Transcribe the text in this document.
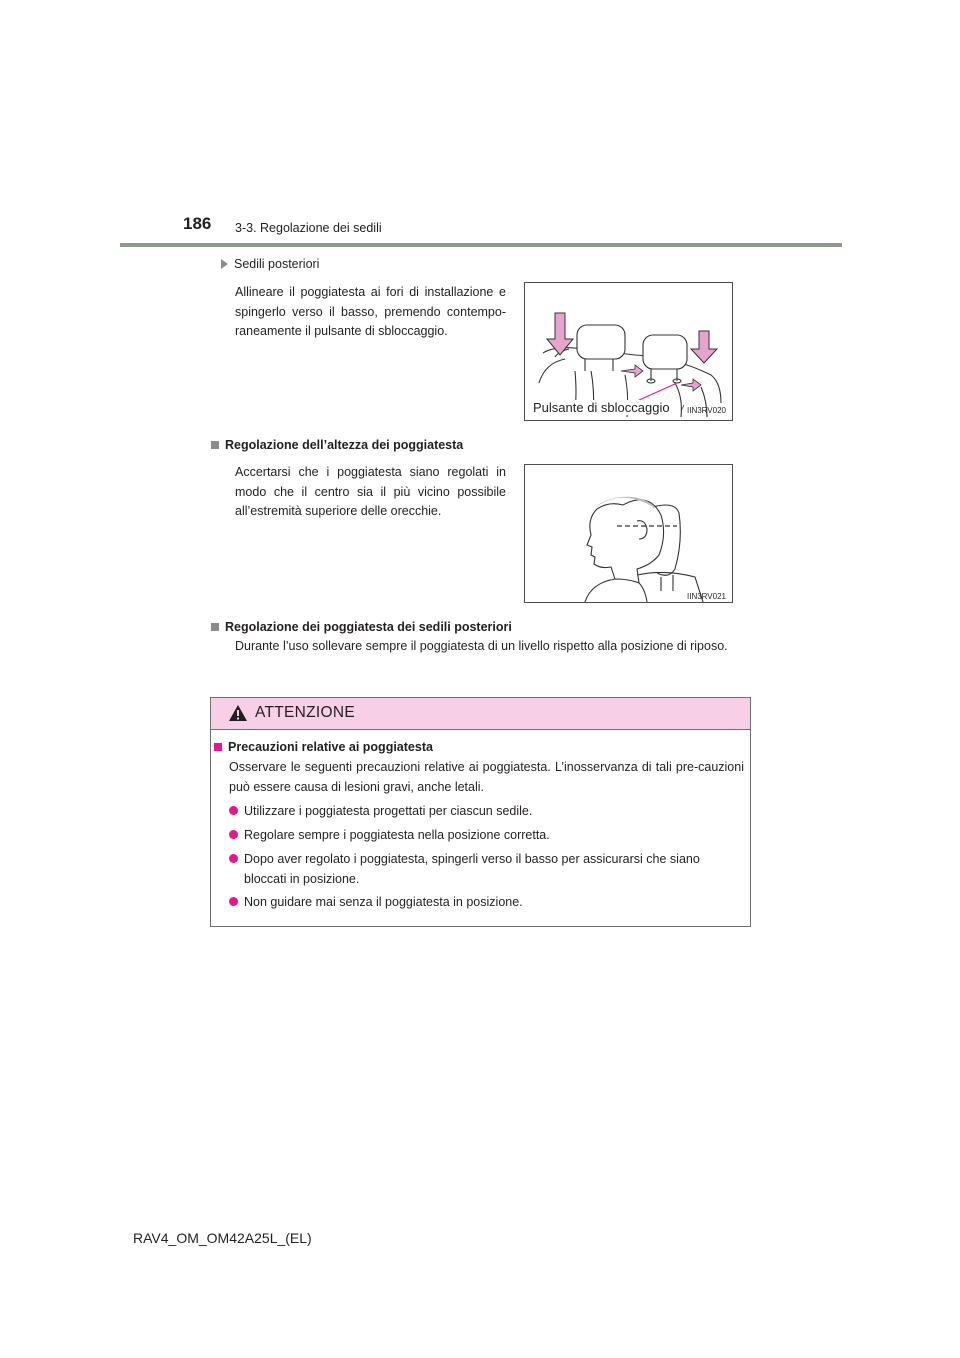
186 3-3. Regolazione dei sedili
Sedili posteriori
Allineare il poggiatesta ai fori di installazione e spingerlo verso il basso, premendo contempo-raneamente il pulsante di sbloccaggio.
Pulsante di sbloccaggio IIN3RV020
Regolazione dell’altezza dei poggiatesta
Accertarsi che i poggiatesta siano regolati in modo che il centro sia il più vicino possibile all’estremità superiore delle orecchie.
IIN3RV021
Regolazione dei poggiatesta dei sedili posteriori
Durante l’uso sollevare sempre il poggiatesta di un livello rispetto alla posizione di riposo.
ATTENZIONE
Precauzioni relative ai poggiatesta
Osservare le seguenti precauzioni relative ai poggiatesta. L’inosservanza di tali pre-cauzioni può essere causa di lesioni gravi, anche letali.
Utilizzare i poggiatesta progettati per ciascun sedile.
Regolare sempre i poggiatesta nella posizione corretta.
Dopo aver regolato i poggiatesta, spingerli verso il basso per assicurarsi che siano bloccati in posizione.
Non guidare mai senza il poggiatesta in posizione.
RAV4_OM_OM42A25L_(EL)
